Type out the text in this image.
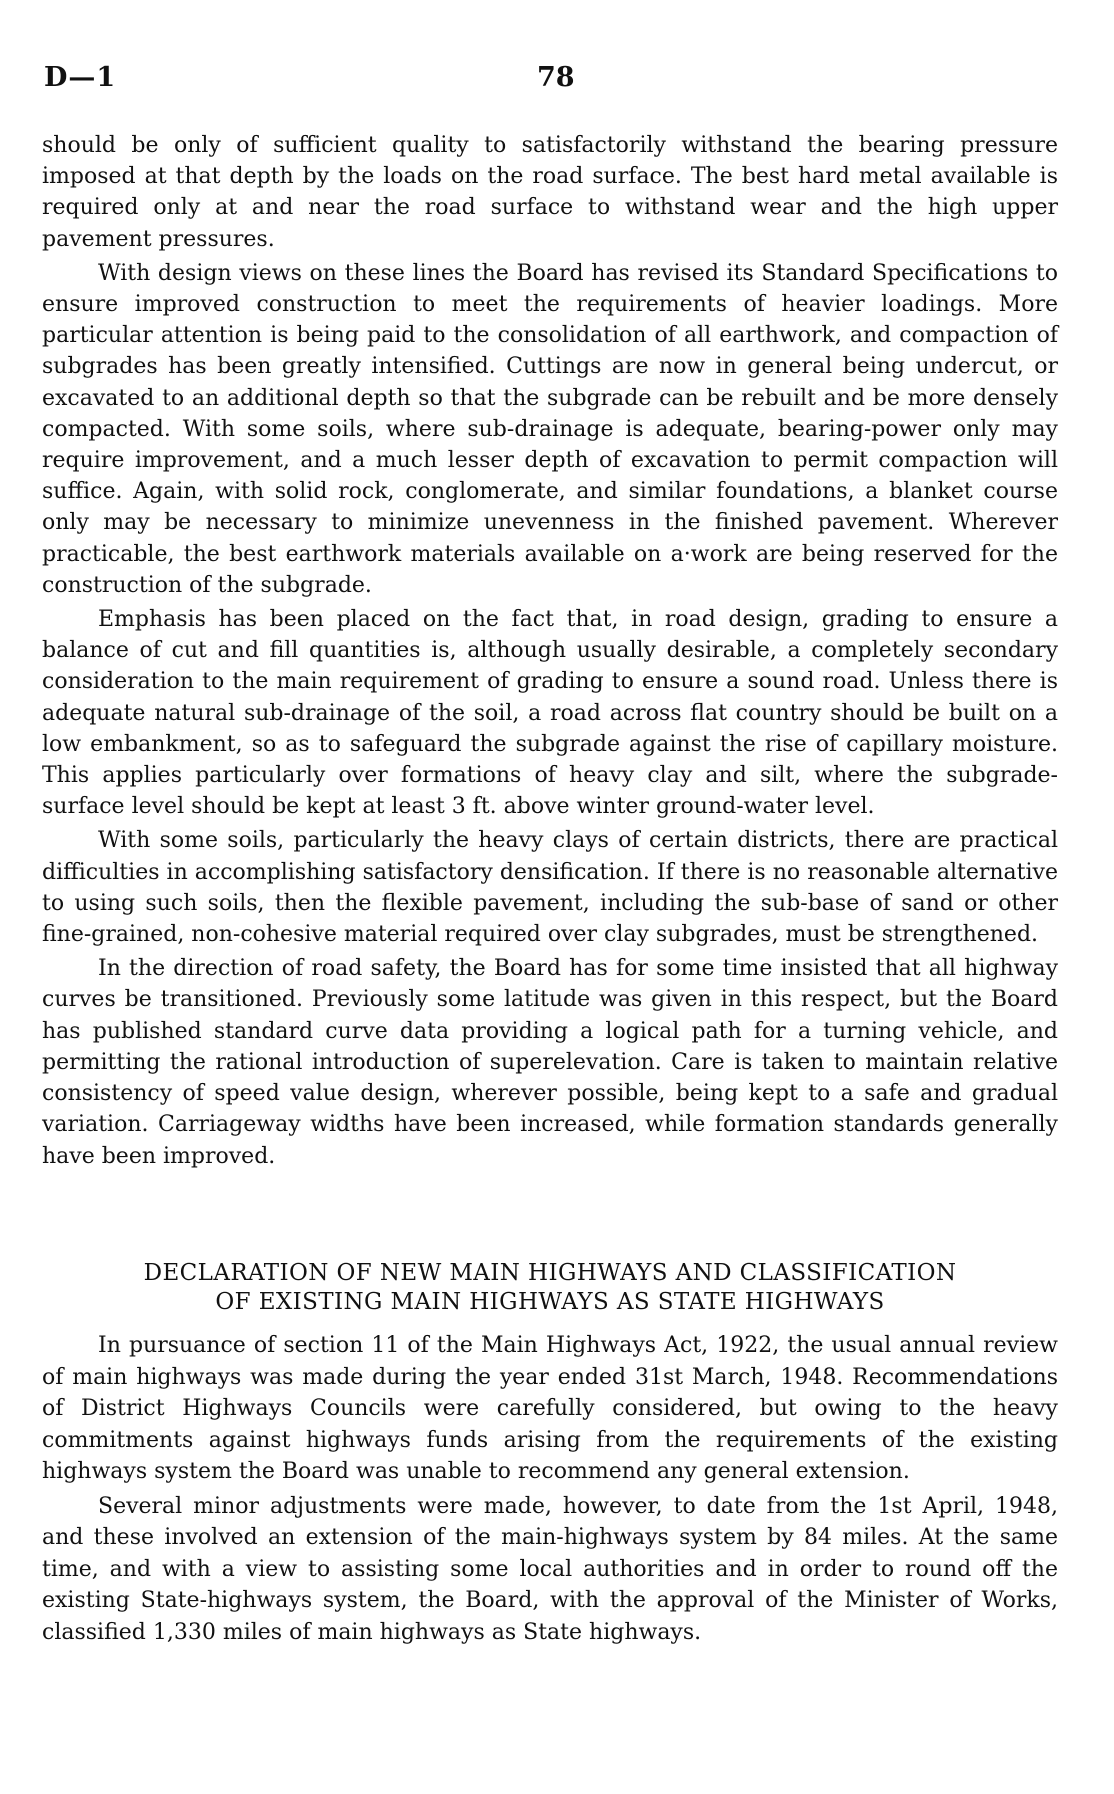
D—1	78

should be only of sufficient quality to satisfactorily withstand the bearing pressure imposed at that depth by the loads on the road surface. The best hard metal available is required only at and near the road surface to withstand wear and the high upper pavement pressures.

With design views on these lines the Board has revised its Standard Specifications to ensure improved construction to meet the requirements of heavier loadings. More particular attention is being paid to the consolidation of all earthwork, and compaction of subgrades has been greatly intensified. Cuttings are now in general being undercut, or excavated to an additional depth so that the subgrade can be rebuilt and be more densely compacted. With some soils, where sub-drainage is adequate, bearing-power only may require improvement, and a much lesser depth of excavation to permit compaction will suffice. Again, with solid rock, conglomerate, and similar foundations, a blanket course only may be necessary to minimize unevenness in the finished pavement. Wherever practicable, the best earthwork materials available on a·work are being reserved for the construction of the subgrade.

Emphasis has been placed on the fact that, in road design, grading to ensure a balance of cut and fill quantities is, although usually desirable, a completely secondary consideration to the main requirement of grading to ensure a sound road. Unless there is adequate natural sub-drainage of the soil, a road across flat country should be built on a low embankment, so as to safeguard the subgrade against the rise of capillary moisture. This applies particularly over formations of heavy clay and silt, where the subgrade-surface level should be kept at least 3 ft. above winter ground-water level.

With some soils, particularly the heavy clays of certain districts, there are practical difficulties in accomplishing satisfactory densification. If there is no reasonable alternative to using such soils, then the flexible pavement, including the sub-base of sand or other fine-grained, non-cohesive material required over clay subgrades, must be strengthened.

In the direction of road safety, the Board has for some time insisted that all highway curves be transitioned. Previously some latitude was given in this respect, but the Board has published standard curve data providing a logical path for a turning vehicle, and permitting the rational introduction of superelevation. Care is taken to maintain relative consistency of speed value design, wherever possible, being kept to a safe and gradual variation. Carriageway widths have been increased, while formation standards generally have been improved.

DECLARATION OF NEW MAIN HIGHWAYS AND CLASSIFICATION
OF EXISTING MAIN HIGHWAYS AS STATE HIGHWAYS

In pursuance of section 11 of the Main Highways Act, 1922, the usual annual review of main highways was made during the year ended 31st March, 1948. Recommendations of District Highways Councils were carefully considered, but owing to the heavy commitments against highways funds arising from the requirements of the existing highways system the Board was unable to recommend any general extension.

Several minor adjustments were made, however, to date from the 1st April, 1948, and these involved an extension of the main-highways system by 84 miles. At the same time, and with a view to assisting some local authorities and in order to round off the existing State-highways system, the Board, with the approval of the Minister of Works, classified 1,330 miles of main highways as State highways.
